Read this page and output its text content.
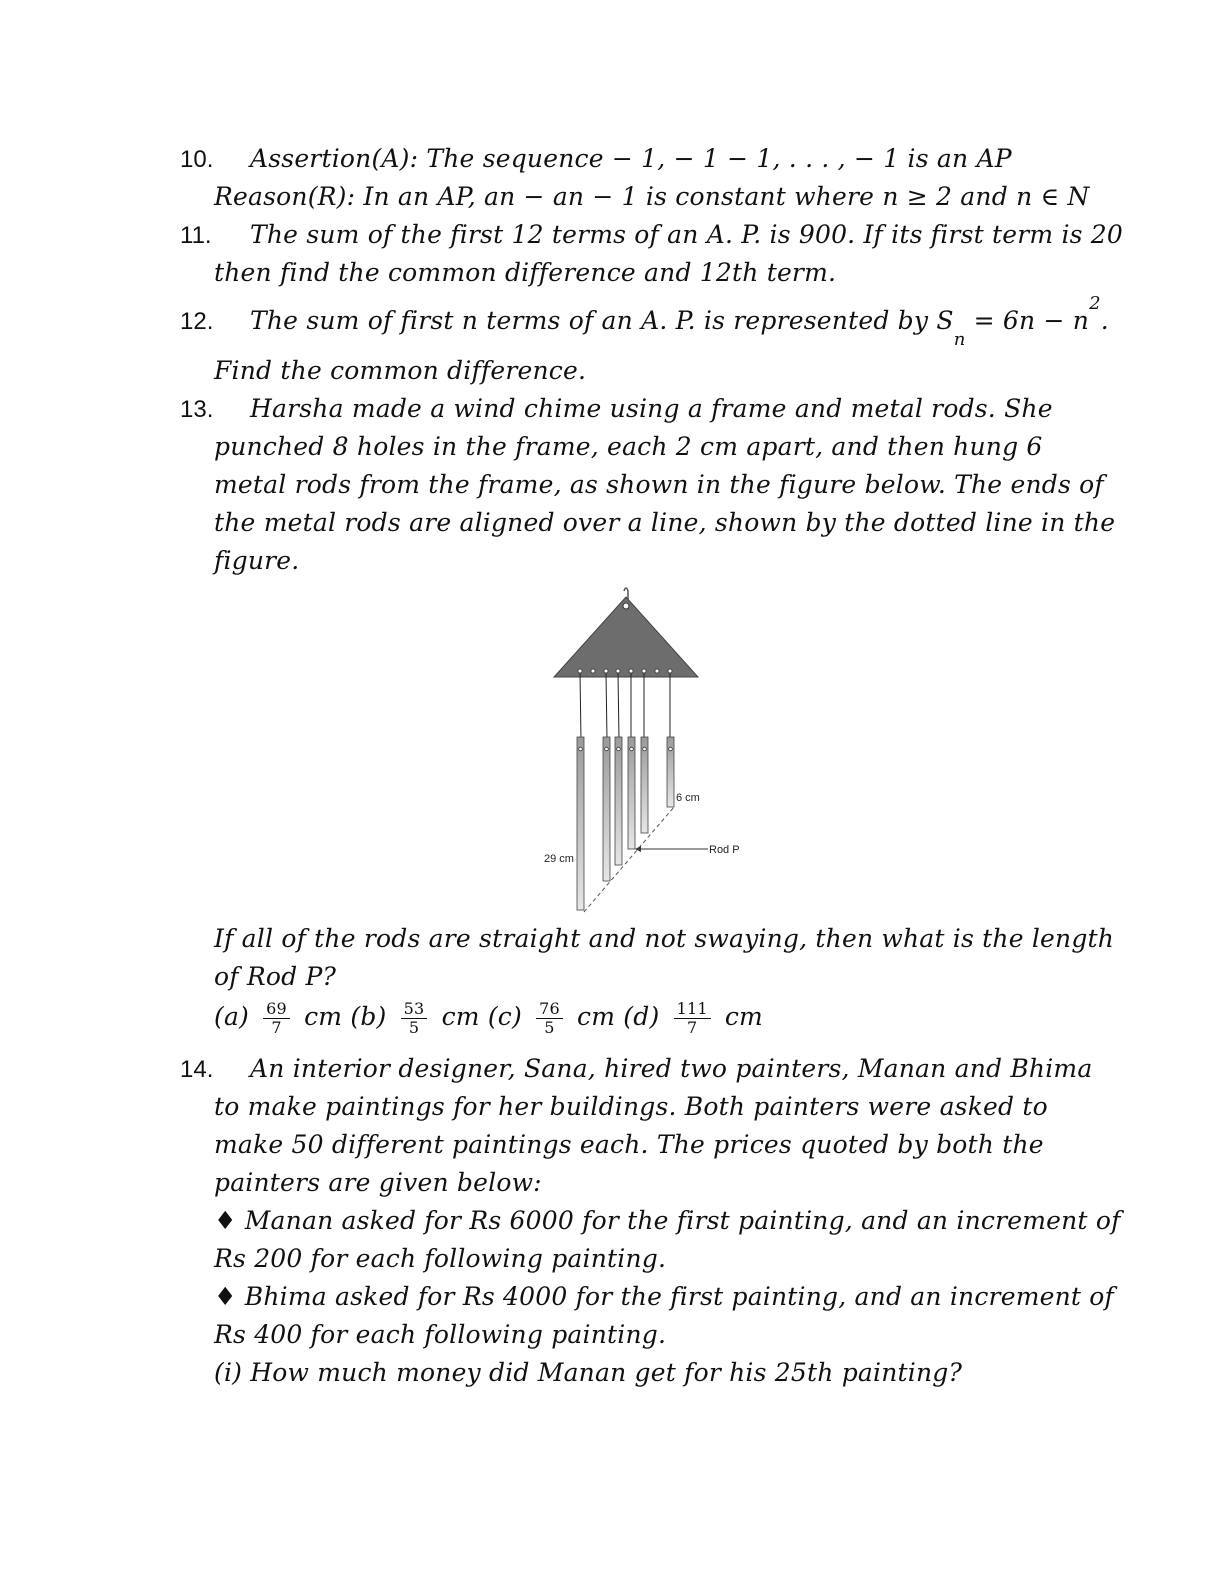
10. Assertion(A): The sequence − 1, − 1 − 1, . . . , − 1 is an AP
Reason(R): In an AP, an − an − 1 is constant where n ≥ 2 and n ∈ N
11. The sum of the first 12 terms of an A. P. is 900. If its first term is 20
then find the common difference and 12th term.
12. The sum of first n terms of an A. P. is represented by $S_n = 6n - n^2$.
Find the common difference.
13. Harsha made a wind chime using a frame and metal rods. She
punched 8 holes in the frame, each 2 cm apart, and then hung 6
metal rods from the frame, as shown in the figure below. The ends of
the metal rods are aligned over a line, shown by the dotted line in the
figure.
29 cm
6 cm
Rod P
If all of the rods are straight and not swaying, then what is the length
of Rod P?
$(a) \frac{69}{7}$ cm $(b) \frac{53}{5}$ cm $(c) \frac{76}{5}$ cm $(d) \frac{111}{7}$ cm
14. An interior designer, Sana, hired two painters, Manan and Bhima
to make paintings for her buildings. Both painters were asked to
make 50 different paintings each. The prices quoted by both the
painters are given below:
♦ Manan asked for Rs 6000 for the first painting, and an increment of
Rs 200 for each following painting.
♦ Bhima asked for Rs 4000 for the first painting, and an increment of
Rs 400 for each following painting.
(i) How much money did Manan get for his 25th painting?
